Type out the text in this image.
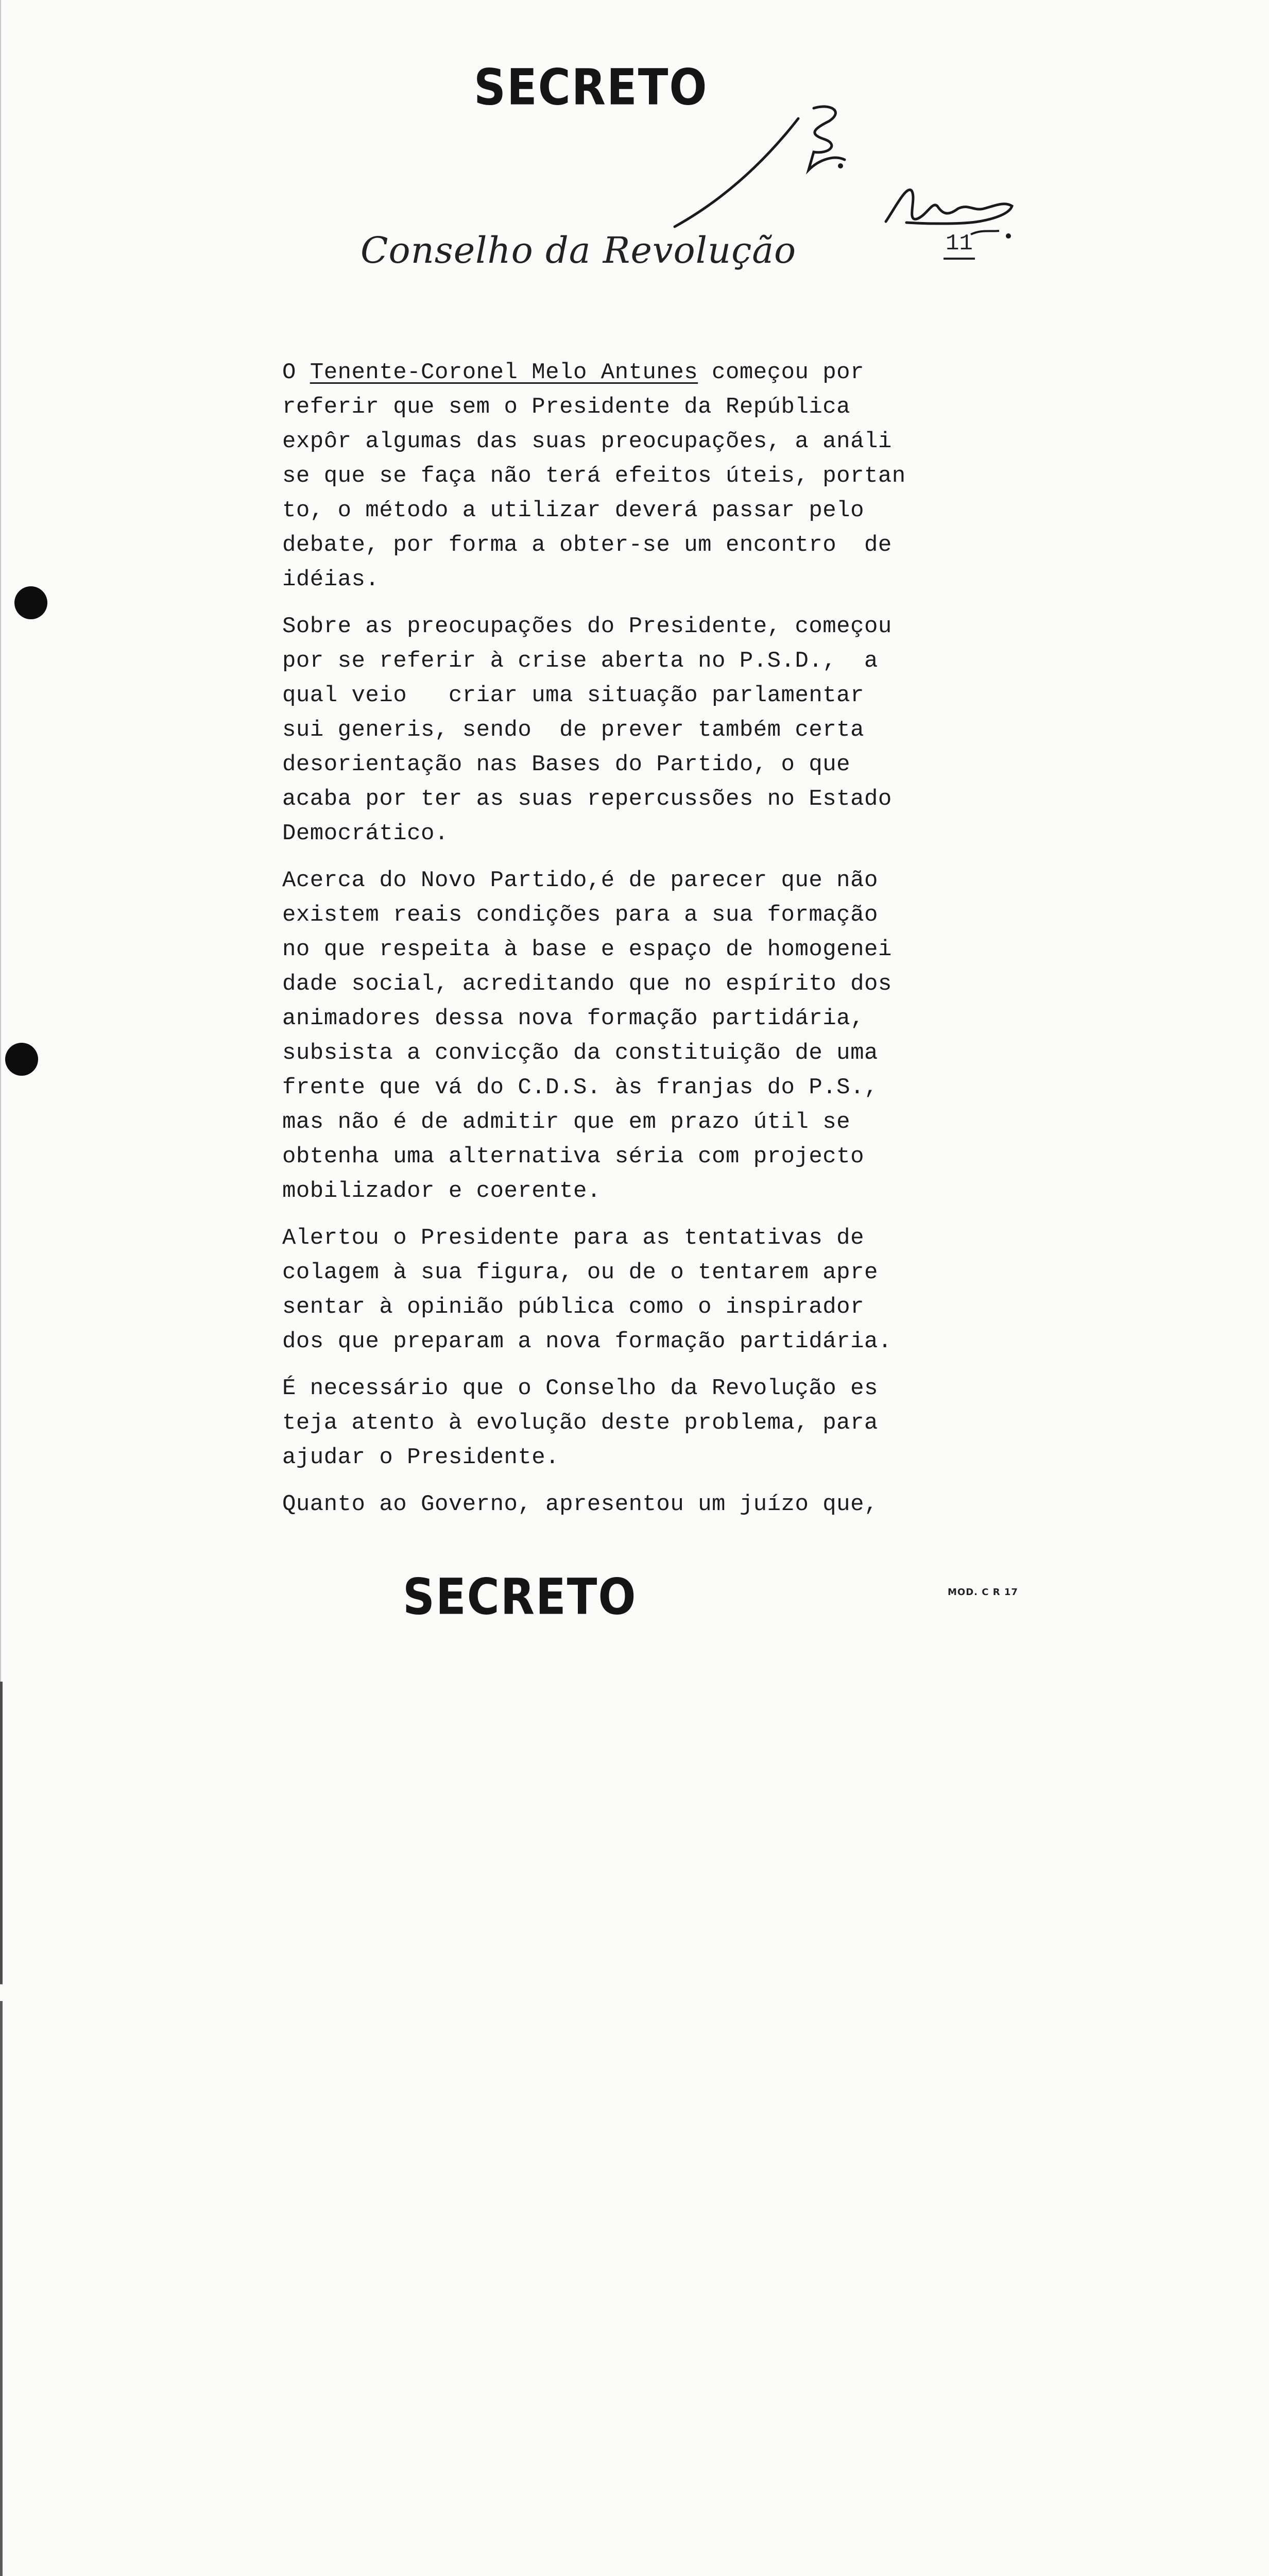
SECRETO
Conselho da Revolução	11
O Tenente-Coronel Melo Antunes começou por
referir que sem o Presidente da República
expôr algumas das suas preocupações, a análi
se que se faça não terá efeitos úteis, portan
to, o método a utilizar deverá passar pelo
debate, por forma a obter-se um encontro  de
idéias.
Sobre as preocupações do Presidente, começou
por se referir à crise aberta no P.S.D.,  a
qual veio   criar uma situação parlamentar
sui generis, sendo  de prever também certa
desorientação nas Bases do Partido, o que
acaba por ter as suas repercussões no Estado
Democrático.
Acerca do Novo Partido,é de parecer que não
existem reais condições para a sua formação
no que respeita à base e espaço de homogenei
dade social, acreditando que no espírito dos
animadores dessa nova formação partidária,
subsista a convicção da constituição de uma
frente que vá do C.D.S. às franjas do P.S.,
mas não é de admitir que em prazo útil se
obtenha uma alternativa séria com projecto
mobilizador e coerente.
Alertou o Presidente para as tentativas de
colagem à sua figura, ou de o tentarem apre
sentar à opinião pública como o inspirador
dos que preparam a nova formação partidária.
É necessário que o Conselho da Revolução es
teja atento à evolução deste problema, para
ajudar o Presidente.
Quanto ao Governo, apresentou um juízo que,
MOD. C R 17
SECRETO
